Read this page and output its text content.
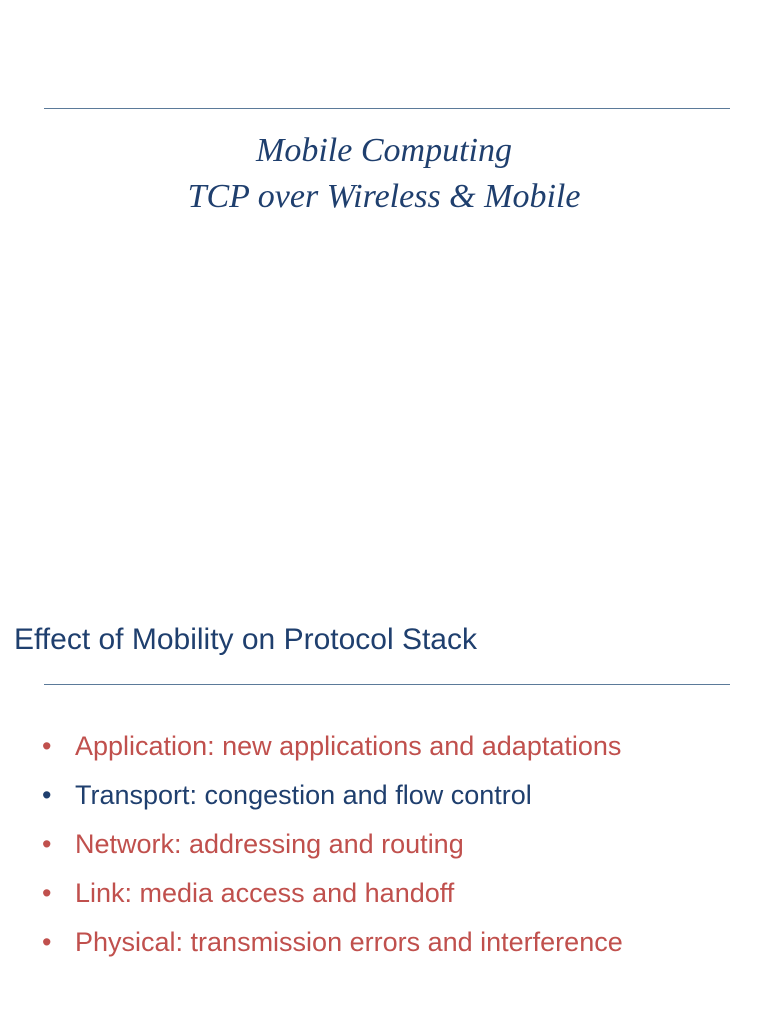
Mobile Computing
TCP over Wireless & Mobile
Effect of Mobility on Protocol Stack
• Application: new applications and adaptations
• Transport: congestion and flow control
• Network: addressing and routing
• Link: media access and handoff
• Physical: transmission errors and interference
